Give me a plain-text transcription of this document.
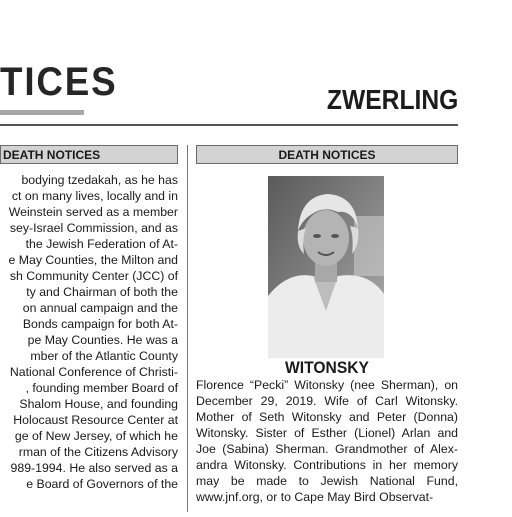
TICES	ZWERLING
DEATH NOTICES	DEATH NOTICES
bodying tzedakah, as he has
ct on many lives, locally and in
Weinstein served as a member
sey-Israel Commission, and as
the Jewish Federation of At-
e May Counties, the Milton and
sh Community Center (JCC) of
ty and Chairman of both the
on annual campaign and the
Bonds campaign for both At-
pe May Counties. He was a
mber of the Atlantic County
National Conference of Christi-
, founding member Board of
Shalom House, and founding
Holocaust Resource Center at
ge of New Jersey, of which he
rman of the Citizens Advisory
989-1994. He also served as a
e Board of Governors of the
WITONSKY
Florence “Pecki” Witonsky (nee Sherman), on
December 29, 2019. Wife of Carl Witonsky.
Mother of Seth Witonsky and Peter (Donna)
Witonsky. Sister of Esther (Lionel) Arlan and
Joe (Sabina) Sherman. Grandmother of Alex-
andra Witonsky. Contributions in her memory
may be made to Jewish National Fund,
www.jnf.org, or to Cape May Bird Observat-
